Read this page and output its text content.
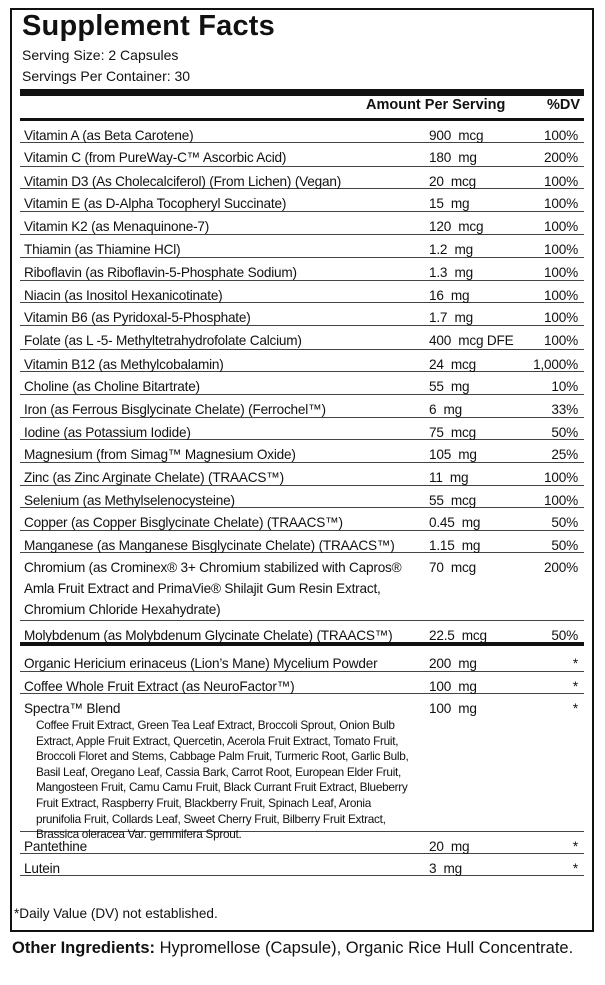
Supplement Facts
Serving Size: 2 Capsules
Servings Per Container: 30
Amount Per Serving	%DV
Vitamin A (as Beta Carotene)	900  mcg	100%
Vitamin C (from PureWay-C™ Ascorbic Acid)	180  mg	200%
Vitamin D3 (As Cholecalciferol) (From Lichen) (Vegan)	20  mcg	100%
Vitamin E (as D-Alpha Tocopheryl Succinate)	15  mg	100%
Vitamin K2 (as Menaquinone-7)	120  mcg	100%
Thiamin (as Thiamine HCl)	1.2  mg	100%
Riboflavin (as Riboflavin-5-Phosphate Sodium)	1.3  mg	100%
Niacin (as Inositol Hexanicotinate)	16  mg	100%
Vitamin B6 (as Pyridoxal-5-Phosphate)	1.7  mg	100%
Folate (as L -5- Methyltetrahydrofolate Calcium)	400  mcg DFE 100%
Vitamin B12 (as Methylcobalamin)	24  mcg	1,000%
Choline (as Choline Bitartrate)	55  mg	10%
Iron (as Ferrous Bisglycinate Chelate) (Ferrochel™)	6  mg	33%
Iodine (as Potassium Iodide)	75  mcg	50%
Magnesium (from Simag™ Magnesium Oxide)	105  mg	25%
Zinc (as Zinc Arginate Chelate) (TRAACS™)	11  mg	100%
Selenium (as Methylselenocysteine)	55  mcg	100%
Copper (as Copper Bisglycinate Chelate) (TRAACS™)	0.45  mg	50%
Manganese (as Manganese Bisglycinate Chelate) (TRAACS™)	1.15  mg	50%
Chromium (as Crominex® 3+ Chromium stabilized with Capros® Amla Fruit Extract and PrimaVie® Shilajit Gum Resin Extract, Chromium Chloride Hexahydrate)
70  mcg	200%
Molybdenum (as Molybdenum Glycinate Chelate) (TRAACS™)	22.5  mcg	50%
Organic Hericium erinaceus (Lion’s Mane) Mycelium Powder	200  mg	*
Coffee Whole Fruit Extract (as NeuroFactor™)	100  mg	*
Spectra™ Blend	100  mg	*
Coffee Fruit Extract, Green Tea Leaf Extract, Broccoli Sprout, Onion Bulb Extract, Apple Fruit Extract, Quercetin, Acerola Fruit Extract, Tomato Fruit, Broccoli Floret and Stems, Cabbage Palm Fruit, Turmeric Root, Garlic Bulb, Basil Leaf, Oregano Leaf, Cassia Bark, Carrot Root, European Elder Fruit, Mangosteen Fruit, Camu Camu Fruit, Black Currant Fruit Extract, Blueberry Fruit Extract, Raspberry Fruit, Blackberry Fruit, Spinach Leaf, Aronia prunifolia Fruit, Collards Leaf, Sweet Cherry Fruit, Bilberry Fruit Extract, Brassica oleracea Var. gemmifera Sprout.
Pantethine	20  mg	*
Lutein	3  mg	*
*Daily Value (DV) not established.
Other Ingredients: Hypromellose (Capsule), Organic Rice Hull Concentrate.
